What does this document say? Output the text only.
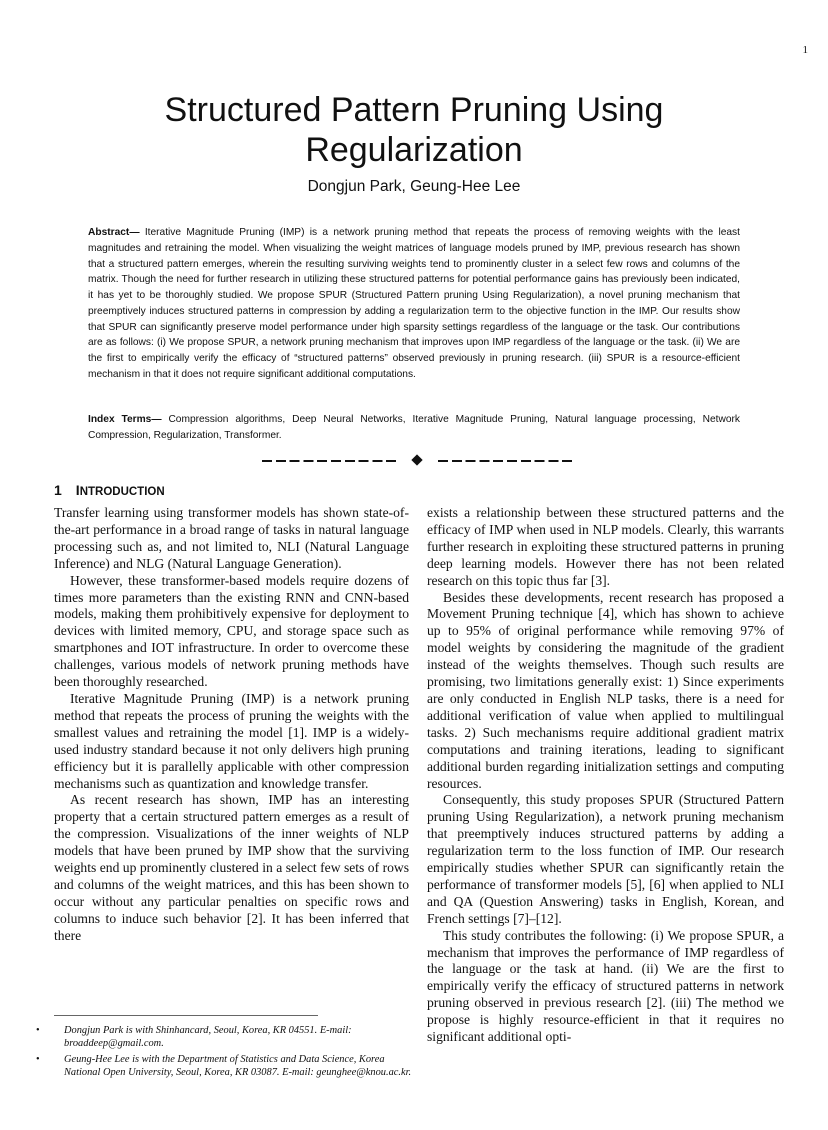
1
Structured Pattern Pruning Using Regularization
Dongjun Park, Geung-Hee Lee

Abstract— Iterative Magnitude Pruning (IMP) is a network pruning method that repeats the process of removing weights with the least magnitudes and retraining the model. When visualizing the weight matrices of language models pruned by IMP, previous research has shown that a structured pattern emerges, wherein the resulting surviving weights tend to prominently cluster in a select few rows and columns of the matrix. Though the need for further research in utilizing these structured patterns for potential performance gains has previously been indicated, it has yet to be thoroughly studied. We propose SPUR (Structured Pattern pruning Using Regularization), a novel pruning mechanism that preemptively induces structured patterns in compression by adding a regularization term to the objective function in the IMP. Our results show that SPUR can significantly preserve model performance under high sparsity settings regardless of the language or the task. Our contributions are as follows: (i) We propose SPUR, a network pruning mechanism that improves upon IMP regardless of the language or the task. (ii) We are the first to empirically verify the efficacy of “structured patterns” observed previously in pruning research. (iii) SPUR is a resource-efficient mechanism in that it does not require significant additional computations.

Index Terms— Compression algorithms, Deep Neural Networks, Iterative Magnitude Pruning, Natural language processing, Network Compression, Regularization, Transformer.

1 INTRODUCTION

Transfer learning using transformer models has shown state-of-the-art performance in a broad range of tasks in natural language processing such as, and not limited to, NLI (Natural Language Inference) and NLG (Natural Language Generation).

However, these transformer-based models require dozens of times more parameters than the existing RNN and CNN-based models, making them prohibitively expensive for deployment to devices with limited memory, CPU, and storage space such as smartphones and IOT infrastructure. In order to overcome these challenges, various models of network pruning methods have been thoroughly researched.

Iterative Magnitude Pruning (IMP) is a network pruning method that repeats the process of pruning the weights with the smallest values and retraining the model [1]. IMP is a widely-used industry standard because it not only delivers high pruning efficiency but it is parallelly applicable with other compression mechanisms such as quantization and knowledge transfer.

As recent research has shown, IMP has an interesting property that a certain structured pattern emerges as a result of the compression. Visualizations of the inner weights of NLP models that have been pruned by IMP show that the surviving weights end up prominently clustered in a select few sets of rows and columns of the weight matrices, and this has been shown to occur without any particular penalties on specific rows and columns to induce such behavior [2]. It has been inferred that there

exists a relationship between these structured patterns and the efficacy of IMP when used in NLP models. Clearly, this warrants further research in exploiting these structured patterns in pruning deep learning models. However there has not been related research on this topic thus far [3].

Besides these developments, recent research has proposed a Movement Pruning technique [4], which has shown to achieve up to 95% of original performance while removing 97% of model weights by considering the magnitude of the gradient instead of the weights themselves. Though such results are promising, two limitations generally exist: 1) Since experiments are only conducted in English NLP tasks, there is a need for additional verification of value when applied to multilingual tasks. 2) Such mechanisms require additional gradient matrix computations and training iterations, leading to significant additional burden regarding initialization settings and computing resources.

Consequently, this study proposes SPUR (Structured Pattern pruning Using Regularization), a network pruning mechanism that preemptively induces structured patterns by adding a regularization term to the loss function of IMP. Our research empirically studies whether SPUR can significantly retain the performance of transformer models [5], [6] when applied to NLI and QA (Question Answering) tasks in English, Korean, and French settings [7]–[12].

This study contributes the following: (i) We propose SPUR, a mechanism that improves the performance of IMP regardless of the language or the task at hand. (ii) We are the first to empirically verify the efficacy of structured patterns in network pruning observed in previous research [2]. (iii) The method we propose is highly resource-efficient in that it requires no significant additional opti-

• Dongjun Park is with Shinhancard, Seoul, Korea, KR 04551. E-mail: broaddeep@gmail.com.
• Geung-Hee Lee is with the Department of Statistics and Data Science, Korea National Open University, Seoul, Korea, KR 03087. E-mail: geunghee@knou.ac.kr.
